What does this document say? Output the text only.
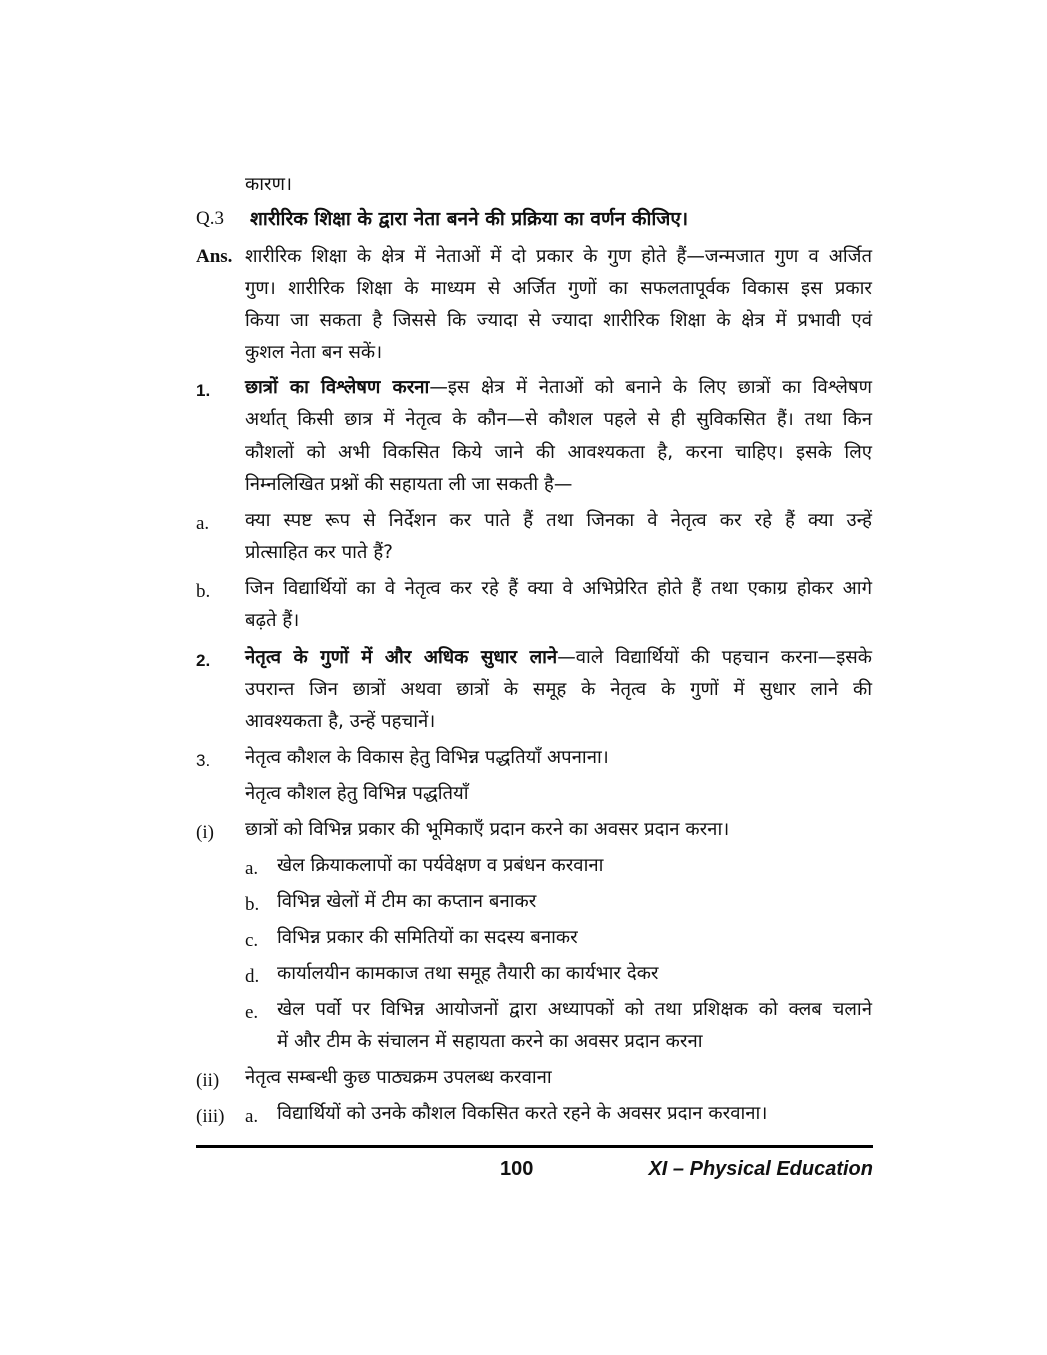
कारण।
Q.3 शारीरिक शिक्षा के द्वारा नेता बनने की प्रक्रिया का वर्णन कीजिए।
Ans. शारीरिक शिक्षा के क्षेत्र में नेताओं में दो प्रकार के गुण होते हैं—जन्मजात गुण व अर्जित
गुण। शारीरिक शिक्षा के माध्यम से अर्जित गुणों का सफलतापूर्वक विकास इस प्रकार
किया जा सकता है जिससे कि ज्यादा से ज्यादा शारीरिक शिक्षा के क्षेत्र में प्रभावी एवं
कुशल नेता बन सकें।
1. छात्रों का विश्लेषण करना—इस क्षेत्र में नेताओं को बनाने के लिए छात्रों का विश्लेषण
अर्थात् किसी छात्र में नेतृत्व के कौन—से कौशल पहले से ही सुविकसित हैं। तथा किन
कौशलों को अभी विकसित किये जाने की आवश्यकता है, करना चाहिए। इसके लिए
निम्नलिखित प्रश्नों की सहायता ली जा सकती है—
a. क्या स्पष्ट रूप से निर्देशन कर पाते हैं तथा जिनका वे नेतृत्व कर रहे हैं क्या उन्हें
प्रोत्साहित कर पाते हैं?
b. जिन विद्यार्थियों का वे नेतृत्व कर रहे हैं क्या वे अभिप्रेरित होते हैं तथा एकाग्र होकर आगे
बढ़ते हैं।
2. नेतृत्व के गुणों में और अधिक सुधार लाने—वाले विद्यार्थियों की पहचान करना—इसके
उपरान्त जिन छात्रों अथवा छात्रों के समूह के नेतृत्व के गुणों में सुधार लाने की
आवश्यकता है, उन्हें पहचानें।
3. नेतृत्व कौशल के विकास हेतु विभिन्न पद्धतियाँ अपनाना।
नेतृत्व कौशल हेतु विभिन्न पद्धतियाँ
(i) छात्रों को विभिन्न प्रकार की भूमिकाएँ प्रदान करने का अवसर प्रदान करना।
a. खेल क्रियाकलापों का पर्यवेक्षण व प्रबंधन करवाना
b. विभिन्न खेलों में टीम का कप्तान बनाकर
c. विभिन्न प्रकार की समितियों का सदस्य बनाकर
d. कार्यालयीन कामकाज तथा समूह तैयारी का कार्यभार देकर
e. खेल पर्वो पर विभिन्न आयोजनों द्वारा अध्यापकों को तथा प्रशिक्षक को क्लब चलाने
में और टीम के संचालन में सहायता करने का अवसर प्रदान करना
(ii) नेतृत्व सम्बन्धी कुछ पाठ्यक्रम उपलब्ध करवाना
(iii) a. विद्यार्थियों को उनके कौशल विकसित करते रहने के अवसर प्रदान करवाना।
100	XI – Physical Education
